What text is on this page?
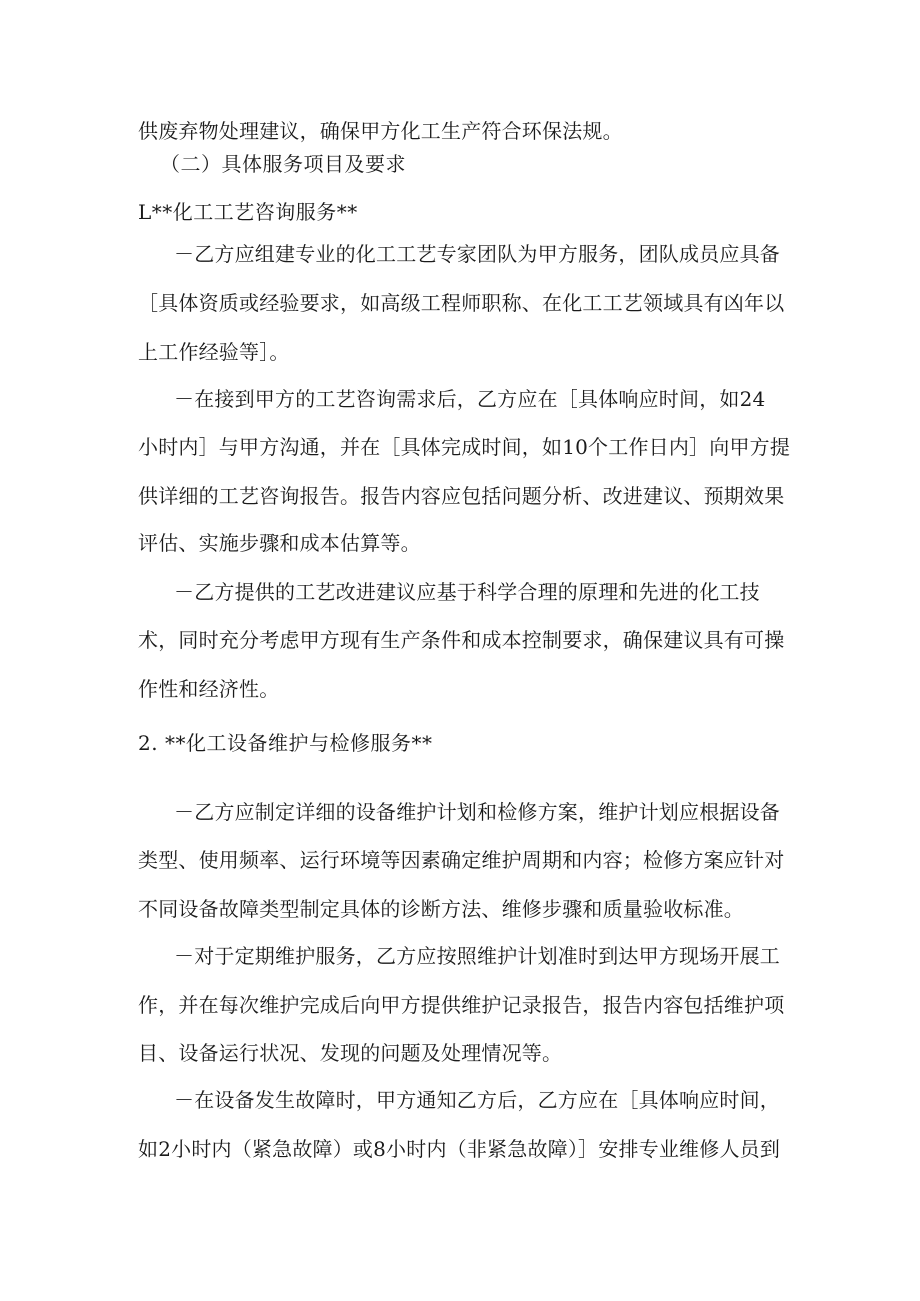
供废弃物处理建议，确保甲方化工生产符合环保法规。
（二）具体服务项目及要求
L**化工工艺咨询服务**
－乙方应组建专业的化工工艺专家团队为甲方服务，团队成员应具备
［具体资质或经验要求，如高级工程师职称、在化工工艺领域具有凶年以
上工作经验等］。
－在接到甲方的工艺咨询需求后，乙方应在［具体响应时间，如24
小时内］与甲方沟通，并在［具体完成时间，如10个工作日内］向甲方提
供详细的工艺咨询报告。报告内容应包括问题分析、改进建议、预期效果
评估、实施步骤和成本估算等。
－乙方提供的工艺改进建议应基于科学合理的原理和先进的化工技
术，同时充分考虑甲方现有生产条件和成本控制要求，确保建议具有可操
作性和经济性。
2. **化工设备维护与检修服务**
－乙方应制定详细的设备维护计划和检修方案，维护计划应根据设备
类型、使用频率、运行环境等因素确定维护周期和内容；检修方案应针对
不同设备故障类型制定具体的诊断方法、维修步骤和质量验收标准。
－对于定期维护服务，乙方应按照维护计划准时到达甲方现场开展工
作，并在每次维护完成后向甲方提供维护记录报告，报告内容包括维护项
目、设备运行状况、发现的问题及处理情况等。
－在设备发生故障时，甲方通知乙方后，乙方应在［具体响应时间，
如2小时内（紧急故障）或8小时内（非紧急故障）］安排专业维修人员到
